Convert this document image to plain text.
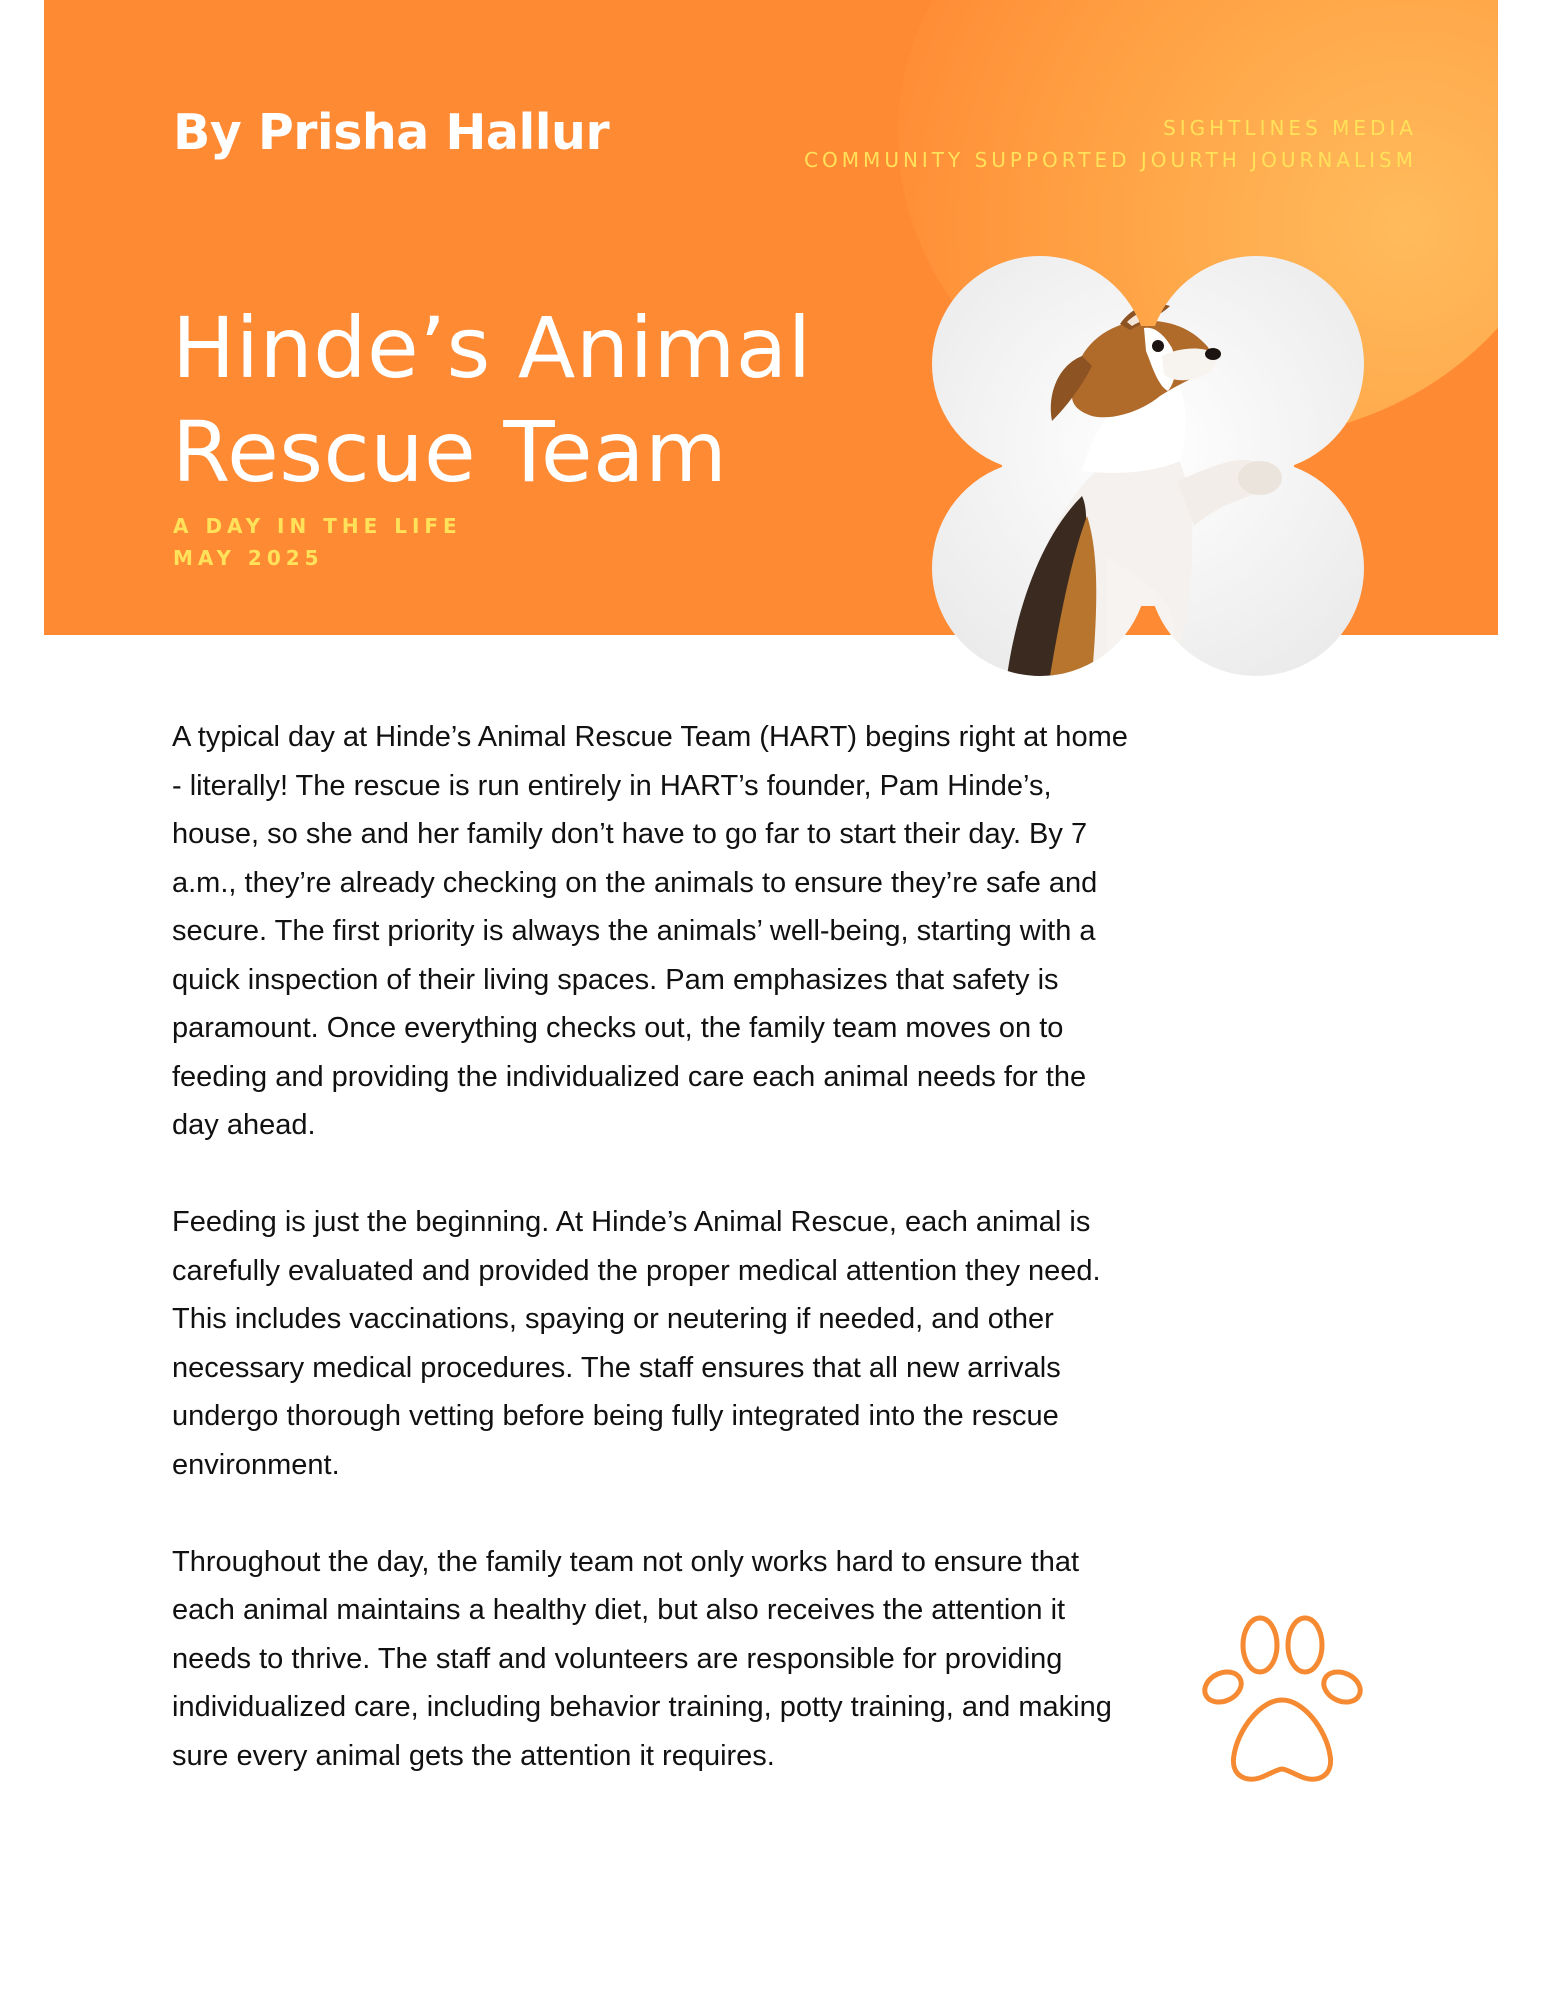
By Prisha Hallur	SIGHTLINES MEDIA
COMMUNITY SUPPORTED JOURTH JOURNALISM
Hinde’s Animal
Rescue Team
A DAY IN THE LIFE
MAY 2025

A typical day at Hinde’s Animal Rescue Team (HART) begins right at home - literally! The rescue is run entirely in HART’s founder, Pam Hinde’s, house, so she and her family don’t have to go far to start their day. By 7 a.m., they’re already checking on the animals to ensure they’re safe and secure. The first priority is always the animals’ well-being, starting with a quick inspection of their living spaces. Pam emphasizes that safety is paramount. Once everything checks out, the family team moves on to feeding and providing the individualized care each animal needs for the day ahead.

Feeding is just the beginning. At Hinde’s Animal Rescue, each animal is carefully evaluated and provided the proper medical attention they need. This includes vaccinations, spaying or neutering if needed, and other necessary medical procedures. The staff ensures that all new arrivals undergo thorough vetting before being fully integrated into the rescue environment.

Throughout the day, the family team not only works hard to ensure that each animal maintains a healthy diet, but also receives the attention it needs to thrive. The staff and volunteers are responsible for providing individualized care, including behavior training, potty training, and making sure every animal gets the attention it requires.
